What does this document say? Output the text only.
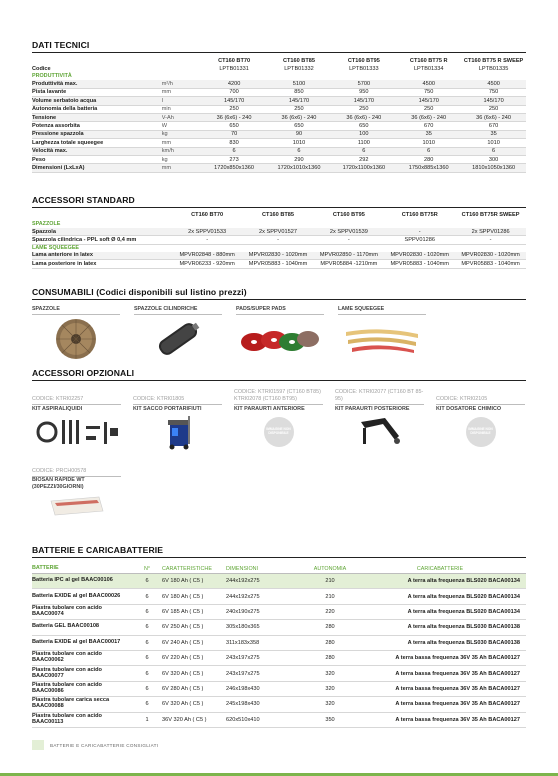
DATI TECNICI
CT160 BT70	CT160 BT85	CT160 BT95	CT160 BT75 R	CT160 BT75 R SWEEP
Codice	LPTB01331	LPTB01332	LPTB01333	LPTB01334	LPTB01335
PRODUTTIVITÀ
Produttività max.	m²/h	4200	5100	5700	4500	4500
Pista lavante	mm	700	850	950	750	750
Volume serbatoio acqua	l	145/170	145/170	145/170	145/170	145/170
Autonomia della batteria	min	250	250	250	250	250
Tensione	V-Ah	36 (6x6) - 240	36 (6x6) - 240	36 (6x6) - 240	36 (6x6) - 240	36 (6x6) - 240
Potenza assorbita	W	650	650	650	670	670
Pressione spazzola	kg	70	90	100	35	35
Larghezza totale squeegee	mm	830	1010	1100	1010	1010
Velocità max.	km/h	6	6	6	6	6
Peso	kg	273	290	292	280	300
Dimensioni (LxLxA)	mm	1720x850x1360	1720x1010x1360	1720x1100x1360	1750x885x1360	1810x1050x1360
ACCESSORI STANDARD
CT160 BT70	CT160 BT85	CT160 BT95	CT160 BT75R	CT160 BT75R SWEEP
SPAZZOLE
Spazzola	2x SPPV01533	2x SPPV01527	2x SPPV01539	-	2x SPPV01286
Spazzola cilindrica - PPL soft Ø 0,4 mm	-	-	-	SPPV01286	-
LAME SQUEEGEE
Lama anteriore in latex	MPVR02848 - 880mm	MPVR02830 - 1020mm	MPVR02850 - 1170mm	MPVR02830 - 1020mm	MPVR02830 - 1020mm
Lama posteriore in latex	MPVR06233 - 920mm	MPVR05883 - 1040mm	MPVR05884 -1210mm	MPVR05883 - 1040mm	MPVR05883 - 1040mm
CONSUMABILI (Codici disponibili sul listino prezzi)
SPAZZOLE	SPAZZOLE CILINDRICHE	PADS/SUPER PADS	LAME SQUEEGEE
ACCESSORI OPZIONALI
CODICE: KTRI02257
KIT ASPIRALIQUIDI
CODICE: KTRI01805
KIT SACCO PORTARIFIUTI
CODICE: KTRI01597 (CT160 BT85) KTRI02078 (CT160 BT95)
KIT PARAURTI ANTERIORE
IMMAGINE NON DISPONIBILE
CODICE: KTRI02077 (CT160 BT 85-95)
KIT PARAURTI POSTERIORE
CODICE: KTRI02105
KIT DOSATORE CHIMICO
IMMAGINE NON DISPONIBILE
CODICE: PRCH00578
BIOSAN RAPIDE WT (30PEZZI/30GIORNI)
BATTERIE E CARICABATTERIE
BATTERIE	N°	CARATTERISTICHE	DIMENSIONI	AUTONOMIA	CARICABATTERIE
Batteria IPC al gel BAAC00106	6	6V 180 Ah ( C5 )	244x192x275	210	A terra alta frequenza BLS020 BACA00134
Batteria EXIDE al gel BAAC00026	6	6V 180 Ah ( C5 )	244x192x275	210	A terra alta frequenza BLS020 BACA00134
Piastra tubolare con acido BAAC00074	6	6V 185 Ah ( C5 )	240x190x275	220	A terra alta frequenza BLS020 BACA00134
Batteria GEL BAAC00108	6	6V 250 Ah ( C5 )	305x180x365	280	A terra alta frequenza BLS030 BACA00138
Batteria EXIDE al gel BAAC00017	6	6V 240 Ah ( C5 )	311x183x358	280	A terra alta frequenza BLS030 BACA00138
Piastra tubolare con acido BAAC00062	6	6V 220 Ah ( C5 )	243x197x275	280	A terra bassa frequenza 36V 35 Ah BACA00127
Piastra tubolare con acido BAAC00077	6	6V 320 Ah ( C5 )	243x197x275	320	A terra bassa frequenza 36V 35 Ah BACA00127
Piastra tubolare con acido BAAC00086	6	6V 280 Ah ( C5 )	246x198x430	320	A terra bassa frequenza 36V 35 Ah BACA00127
Piastra tubolare carica secca BAAC00088	6	6V 320 Ah ( C5 )	245x198x430	320	A terra bassa frequenza 36V 35 Ah BACA00127
Piastra tubolare con acido BAAC00113	1	36V 320 Ah ( C5 )	620x510x410	350	A terra bassa frequenza 36V 35 Ah BACA00127
BATTERIE E CARICABATTERIE CONSIGLIATI
